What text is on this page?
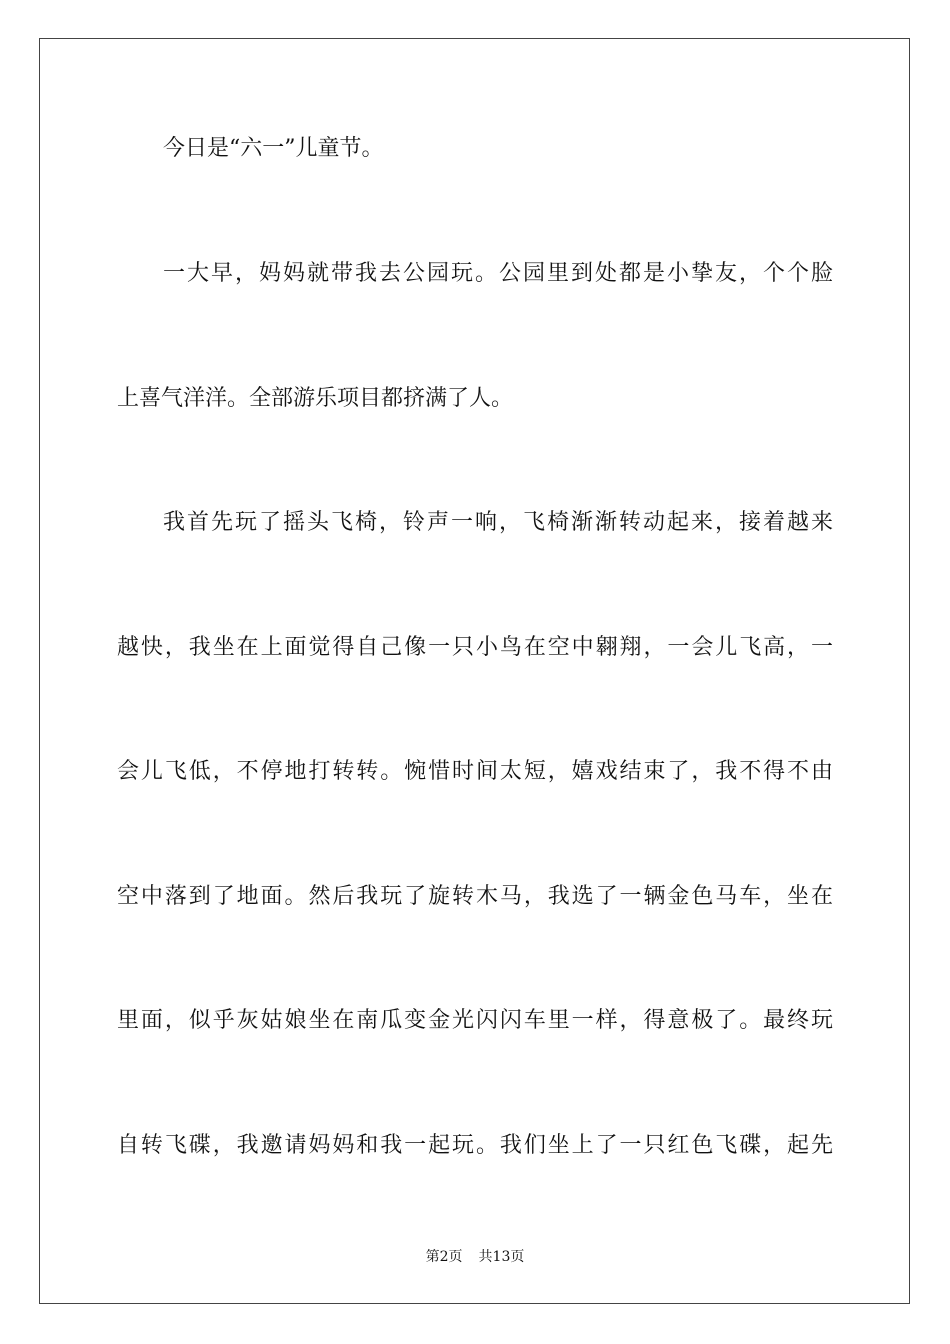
今日是“六一”儿童节。
一大早，妈妈就带我去公园玩。公园里到处都是小挚友，个个脸
上喜气洋洋。全部游乐项目都挤满了人。
我首先玩了摇头飞椅，铃声一响，飞椅渐渐转动起来，接着越来
越快，我坐在上面觉得自己像一只小鸟在空中翱翔，一会儿飞高，一
会儿飞低，不停地打转转。惋惜时间太短，嬉戏结束了，我不得不由
空中落到了地面。然后我玩了旋转木马，我选了一辆金色马车，坐在
里面，似乎灰姑娘坐在南瓜变金光闪闪车里一样，得意极了。最终玩
自转飞碟，我邀请妈妈和我一起玩。我们坐上了一只红色飞碟，起先
第2页 共13页
